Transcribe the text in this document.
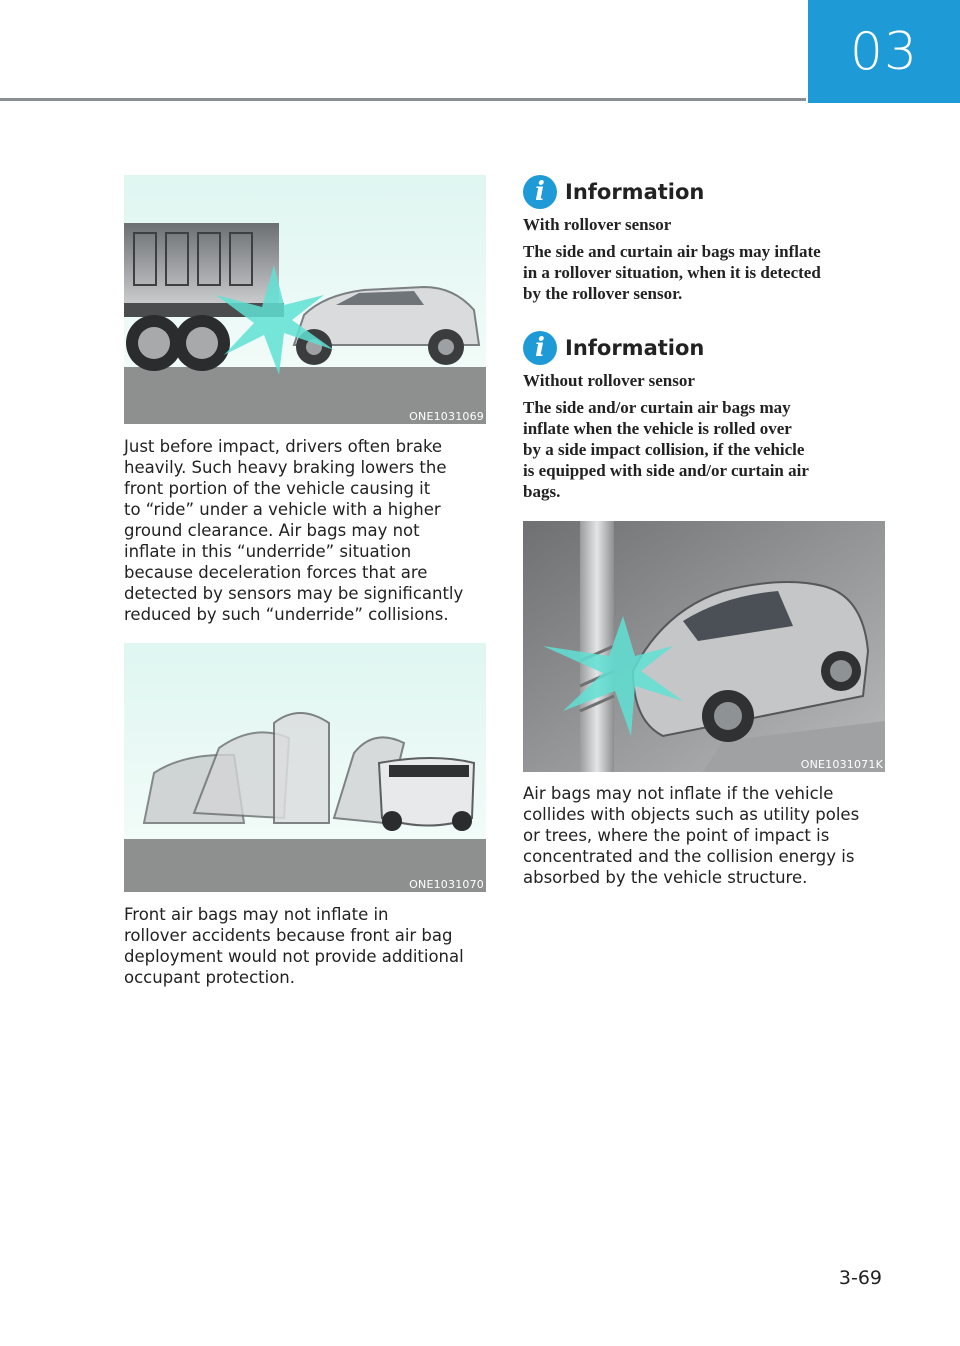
03
ONE1031069

Just before impact, drivers often brake
heavily. Such heavy braking lowers the
front portion of the vehicle causing it
to “ride” under a vehicle with a higher
ground clearance. Air bags may not
inflate in this “underride” situation
because deceleration forces that are
detected by sensors may be significantly
reduced by such “underride” collisions.

ONE1031070

Front air bags may not inflate in
rollover accidents because front air bag
deployment would not provide additional
occupant protection.

i Information

With rollover sensor

The side and curtain air bags may inflate
in a rollover situation, when it is detected
by the rollover sensor.

i Information

Without rollover sensor

The side and/or curtain air bags may
inflate when the vehicle is rolled over
by a side impact collision, if the vehicle
is equipped with side and/or curtain air
bags.

ONE1031071K

Air bags may not inflate if the vehicle
collides with objects such as utility poles
or trees, where the point of impact is
concentrated and the collision energy is
absorbed by the vehicle structure.

3-69
